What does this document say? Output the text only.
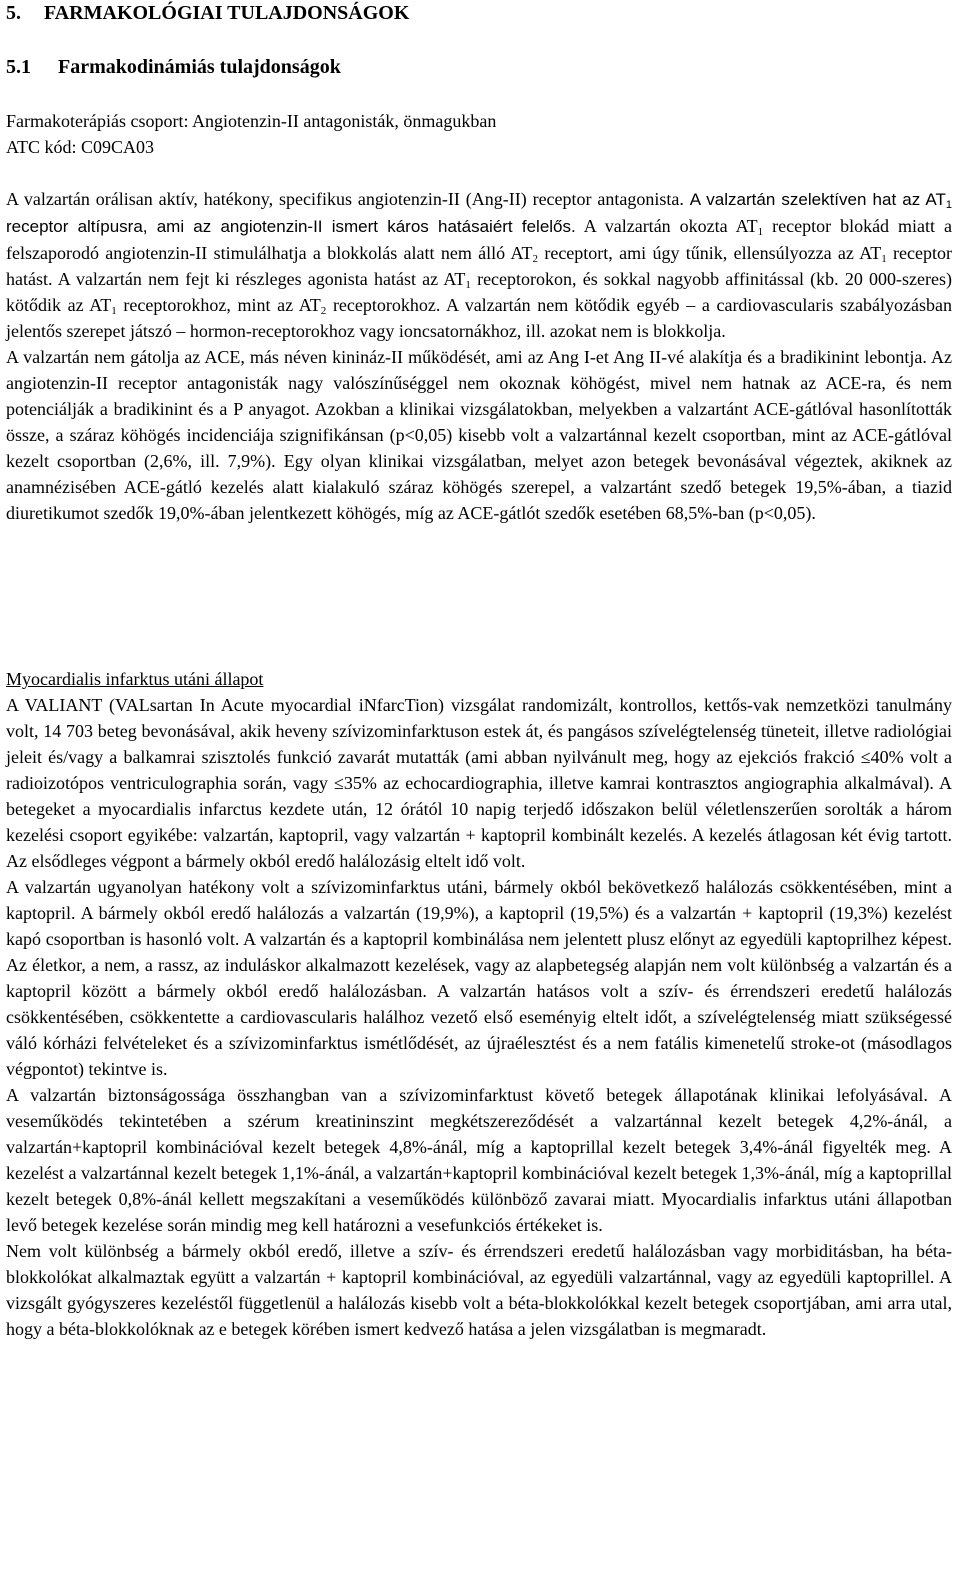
5. FARMAKOLÓGIAI TULAJDONSÁGOK
5.1 Farmakodinámiás tulajdonságok
Farmakoterápiás csoport: Angiotenzin-II antagonisták, önmagukban
ATC kód: C09CA03
A valzartán orálisan aktív, hatékony, specifikus angiotenzin-II (Ang-II) receptor antagonista. A valzartán szelektíven hat az $AT_1$ receptor altípusra, ami az angiotenzin-II ismert káros hatásaiért felelős. A valzartán okozta $AT_1$ receptor blokád miatt a felszaporodó angiotenzin-II stimulálhatja a blokkolás alatt nem álló $AT_2$ receptort, ami úgy tűnik, ellensúlyozza az $AT_1$ receptor hatást. A valzartán nem fejt ki részleges agonista hatást az $AT_1$ receptorokon, és sokkal nagyobb affinitással (kb. 20 000-szeres) kötődik az $AT_1$ receptorokhoz, mint az $AT_2$ receptorokhoz. A valzartán nem kötődik egyéb – a cardiovascularis szabályozásban jelentős szerepet játszó – hormon-receptorokhoz vagy ioncsatornákhoz, ill. azokat nem is blokkolja.
A valzartán nem gátolja az ACE, más néven kinináz-II működését, ami az Ang I-et Ang II-vé alakítja és a bradikinint lebontja. Az angiotenzin-II receptor antagonisták nagy valószínűséggel nem okoznak köhögést, mivel nem hatnak az ACE-ra, és nem potenciálják a bradikinint és a P anyagot. Azokban a klinikai vizsgálatokban, melyekben a valzartánt ACE-gátlóval hasonlították össze, a száraz köhögés incidenciája szignifikánsan (p<0,05) kisebb volt a valzartánnal kezelt csoportban, mint az ACE-gátlóval kezelt csoportban (2,6%, ill. 7,9%). Egy olyan klinikai vizsgálatban, melyet azon betegek bevonásával végeztek, akiknek az anamnézisében ACE-gátló kezelés alatt kialakuló száraz köhögés szerepel, a valzartánt szedő betegek 19,5%-ában, a tiazid diuretikumot szedők 19,0%-ában jelentkezett köhögés, míg az ACE-gátlót szedők esetében 68,5%-ban (p<0,05).
Myocardialis infarktus utáni állapot
A VALIANT (VALsartan In Acute myocardial iNfarcTion) vizsgálat randomizált, kontrollos, kettős-vak nemzetközi tanulmány volt, 14 703 beteg bevonásával, akik heveny szívizominfarktuson estek át, és pangásos szívelégtelenség tüneteit, illetve radiológiai jeleit és/vagy a balkamrai szisztolés funkció zavarát mutatták (ami abban nyilvánult meg, hogy az ejekciós frakció ≤40% volt a radioizotópos ventriculographia során, vagy ≤35% az echocardiographia, illetve kamrai kontrasztos angiographia alkalmával). A betegeket a myocardialis infarctus kezdete után, 12 órától 10 napig terjedő időszakon belül véletlenszerűen sorolták a három kezelési csoport egyikébe: valzartán, kaptopril, vagy valzartán + kaptopril kombinált kezelés. A kezelés átlagosan két évig tartott. Az elsődleges végpont a bármely okból eredő halálozásig eltelt idő volt.
A valzartán ugyanolyan hatékony volt a szívizominfarktus utáni, bármely okból bekövetkező halálozás csökkentésében, mint a kaptopril. A bármely okból eredő halálozás a valzartán (19,9%), a kaptopril (19,5%) és a valzartán + kaptopril (19,3%) kezelést kapó csoportban is hasonló volt. A valzartán és a kaptopril kombinálása nem jelentett plusz előnyt az egyedüli kaptoprilhez képest. Az életkor, a nem, a rassz, az induláskor alkalmazott kezelések, vagy az alapbetegség alapján nem volt különbség a valzartán és a kaptopril között a bármely okból eredő halálozásban. A valzartán hatásos volt a szív- és érrendszeri eredetű halálozás csökkentésében, csökkentette a cardiovascularis halálhoz vezető első eseményig eltelt időt, a szívelégtelenség miatt szükségessé váló kórházi felvételeket és a szívizominfarktus ismétlődését, az újraélesztést és a nem fatális kimenetelű stroke-ot (másodlagos végpontot) tekintve is.
A valzartán biztonságossága összhangban van a szívizominfarktust követő betegek állapotának klinikai lefolyásával. A veseműködés tekintetében a szérum kreatininszint megkétszereződését a valzartánnal kezelt betegek 4,2%-ánál, a valzartán+kaptopril kombinációval kezelt betegek 4,8%-ánál, míg a kaptoprillal kezelt betegek 3,4%-ánál figyelték meg. A kezelést a valzartánnal kezelt betegek 1,1%-ánál, a valzartán+kaptopril kombinációval kezelt betegek 1,3%-ánál, míg a kaptoprillal kezelt betegek 0,8%-ánál kellett megszakítani a veseműködés különböző zavarai miatt. Myocardialis infarktus utáni állapotban levő betegek kezelése során mindig meg kell határozni a vesefunkciós értékeket is.
Nem volt különbség a bármely okból eredő, illetve a szív- és érrendszeri eredetű halálozásban vagy morbiditásban, ha béta-blokkolókat alkalmaztak együtt a valzartán + kaptopril kombinációval, az egyedüli valzartánnal, vagy az egyedüli kaptoprillel. A vizsgált gyógyszeres kezeléstől függetlenül a halálozás kisebb volt a béta-blokkolókkal kezelt betegek csoportjában, ami arra utal, hogy a béta-blokkolóknak az e betegek körében ismert kedvező hatása a jelen vizsgálatban is megmaradt.
